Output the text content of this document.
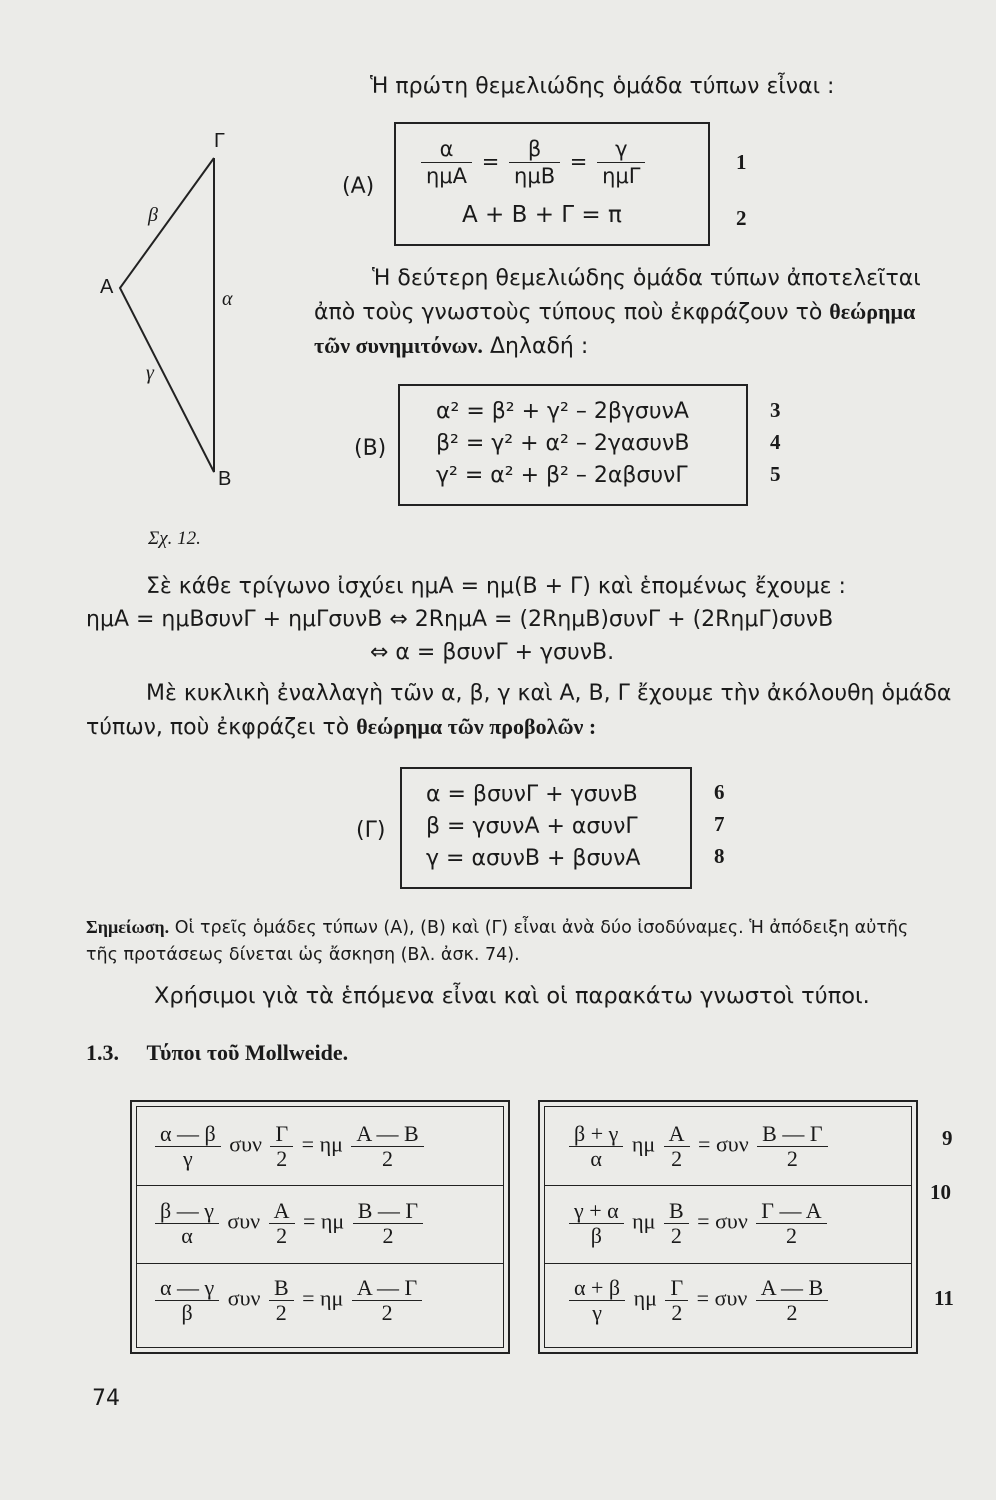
Ἡ πρώτη θεμελιώδης ὁμάδα τύπων εἶναι :
Γ
Α
Β
β
α
γ
Σχ. 12.
$(A) \frac{\alpha}{\text{ημΑ}} = \frac{\beta}{\text{ημΒ}} = \frac{\gamma}{\text{ημΓ}}$
Α + Β + Γ = π
1
2
Ἡ δεύτερη θεμελιώδης ὁμάδα τύπων ἀποτελεῖται
ἀπὸ τοὺς γνωστοὺς τύπους ποὺ ἐκφράζουν τὸ θεώρημα
τῶν συνημιτόνων. Δηλαδή :
(Β)
α² = β² + γ² – 2βγσυνΑ
β² = γ² + α² – 2γασυνΒ
γ² = α² + β² – 2αβσυνΓ
3
4
5
Σὲ κάθε τρίγωνο ἰσχύει ημΑ = ημ(Β + Γ) καὶ ἑπομένως ἔχουμε :
ημΑ = ημΒσυνΓ + ημΓσυνΒ ⇔ 2RημΑ = (2RημΒ)συνΓ + (2RημΓ)συνΒ
⇔ α = βσυνΓ + γσυνΒ.
Μὲ κυκλικὴ ἐναλλαγὴ τῶν α, β, γ καὶ Α, Β, Γ ἔχουμε τὴν ἀκόλουθη ὁμάδα
τύπων, ποὺ ἐκφράζει τὸ θεώρημα τῶν προβολῶν :
(Γ)
α = βσυνΓ + γσυνΒ
β = γσυνΑ + ασυνΓ
γ = ασυνΒ + βσυνΑ
6
7
8
Σημείωση. Οἱ τρεῖς ὁμάδες τύπων (Α), (Β) καὶ (Γ) εἶναι ἀνὰ δύο ἰσοδύναμες. Ἡ ἀπόδειξη αὐτῆς
τῆς προτάσεως δίνεται ὡς ἄσκηση (Βλ. ἀσκ. 74).
Χρήσιμοι γιὰ τὰ ἑπόμενα εἶναι καὶ οἱ παρακάτω γνωστοὶ τύποι.
1.3. Τύποι τοῦ Mollweide.
$\frac{\alpha — \beta}{\gamma}$ συν $\frac{\Gamma}{2} = \eta\mu \frac{A — B}{2}$
$\frac{\beta — \gamma}{\alpha}$ συν $\frac{A}{2} = \eta\mu \frac{B — \Gamma}{2}$
$\frac{\alpha — \gamma}{\beta}$ συν $\frac{B}{2} = \eta\mu \frac{A — \Gamma}{2}$
$\frac{\beta + \gamma}{\alpha}$ ημ $\frac{A}{2} = \sigma\upsilon\nu \frac{B — \Gamma}{2}$
$\frac{\gamma + \alpha}{\beta}$ ημ $\frac{B}{2} = \sigma\upsilon\nu \frac{\Gamma — A}{2}$
$\frac{\alpha + \beta}{\gamma}$ ημ $\frac{\Gamma}{2} = \sigma\upsilon\nu \frac{A — B}{2}$
9
10
11
74
